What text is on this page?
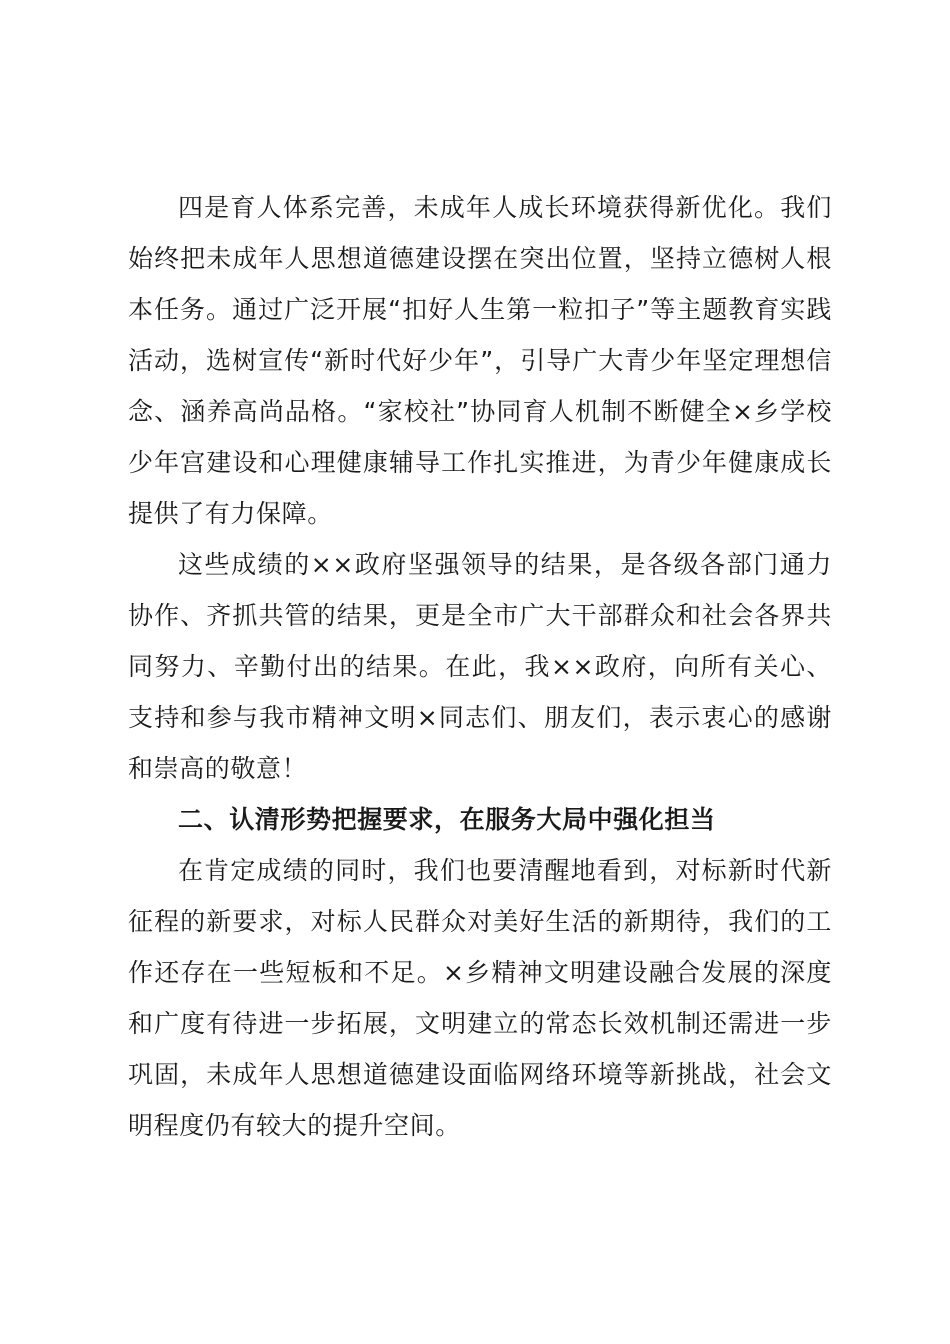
四是育人体系完善，未成年人成长环境获得新优化。我们始终把未成年人思想道德建设摆在突出位置，坚持立德树人根本任务。通过广泛开展“扣好人生第一粒扣子”等主题教育实践活动，选树宣传“新时代好少年”，引导广大青少年坚定理想信念、涵养高尚品格。“家校社”协同育人机制不断健全×乡学校少年宫建设和心理健康辅导工作扎实推进，为青少年健康成长提供了有力保障。

这些成绩的××政府坚强领导的结果，是各级各部门通力协作、齐抓共管的结果，更是全市广大干部群众和社会各界共同努力、辛勤付出的结果。在此，我××政府，向所有关心、支持和参与我市精神文明×同志们、朋友们，表示衷心的感谢和崇高的敬意！

二、认清形势把握要求，在服务大局中强化担当

在肯定成绩的同时，我们也要清醒地看到，对标新时代新征程的新要求，对标人民群众对美好生活的新期待，我们的工作还存在一些短板和不足。×乡精神文明建设融合发展的深度和广度有待进一步拓展，文明建立的常态长效机制还需进一步巩固，未成年人思想道德建设面临网络环境等新挑战，社会文明程度仍有较大的提升空间。
